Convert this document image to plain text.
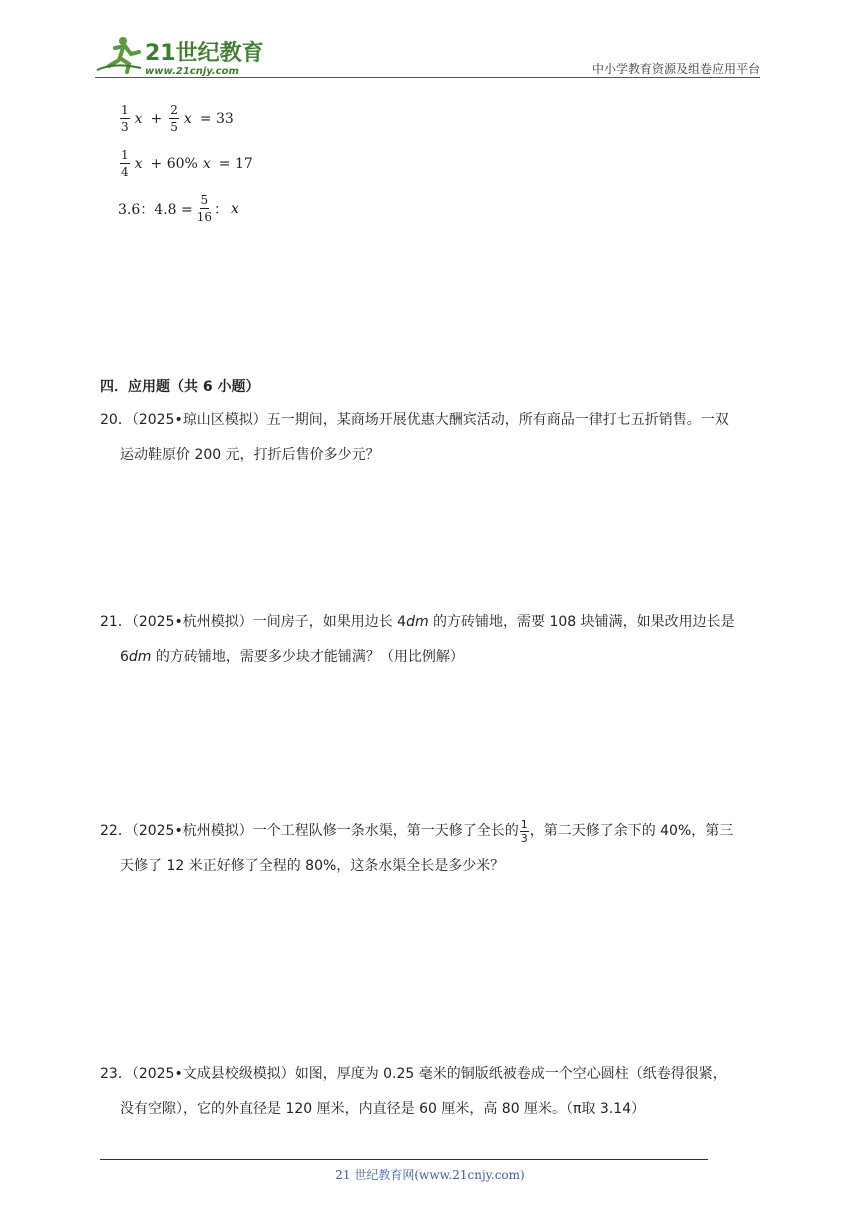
21世纪教育
www.21cnjy.com	中小学教育资源及组卷应用平台
$\frac{1}{3}$ $x + \frac{2}{5}$ x = 33
$\frac{1}{4}$ x + 60% x = 17
3.6：$4.8 = \frac{5}{16}$ ： x
四．应用题（共 6 小题）
20．（2025•琼山区模拟）五一期间，某商场开展优惠大酬宾活动，所有商品一律打七五折销售。一双
运动鞋原价 200 元，打折后售价多少元？
21．（2025•杭州模拟）一间房子，如果用边长 4dm 的方砖铺地，需要 108 块铺满，如果改用边长是
6dm 的方砖铺地，需要多少块才能铺满？（用比例解）
22．（2025•杭州模拟）一个工程队修一条水渠，第一天修了全长的 $\frac{1}{3}$ ，第二天修了余下的 40%，第三
天修了 12 米正好修了全程的 80%，这条水渠全长是多少米？
23．（2025•文成县校级模拟）如图，厚度为 0.25 毫米的铜版纸被卷成一个空心圆柱（纸卷得很紧，
没有空隙），它的外直径是 120 厘米，内直径是 60 厘米，高 80 厘米。（π取 3.14）
21 世纪教育网(www.21cnjy.com)
